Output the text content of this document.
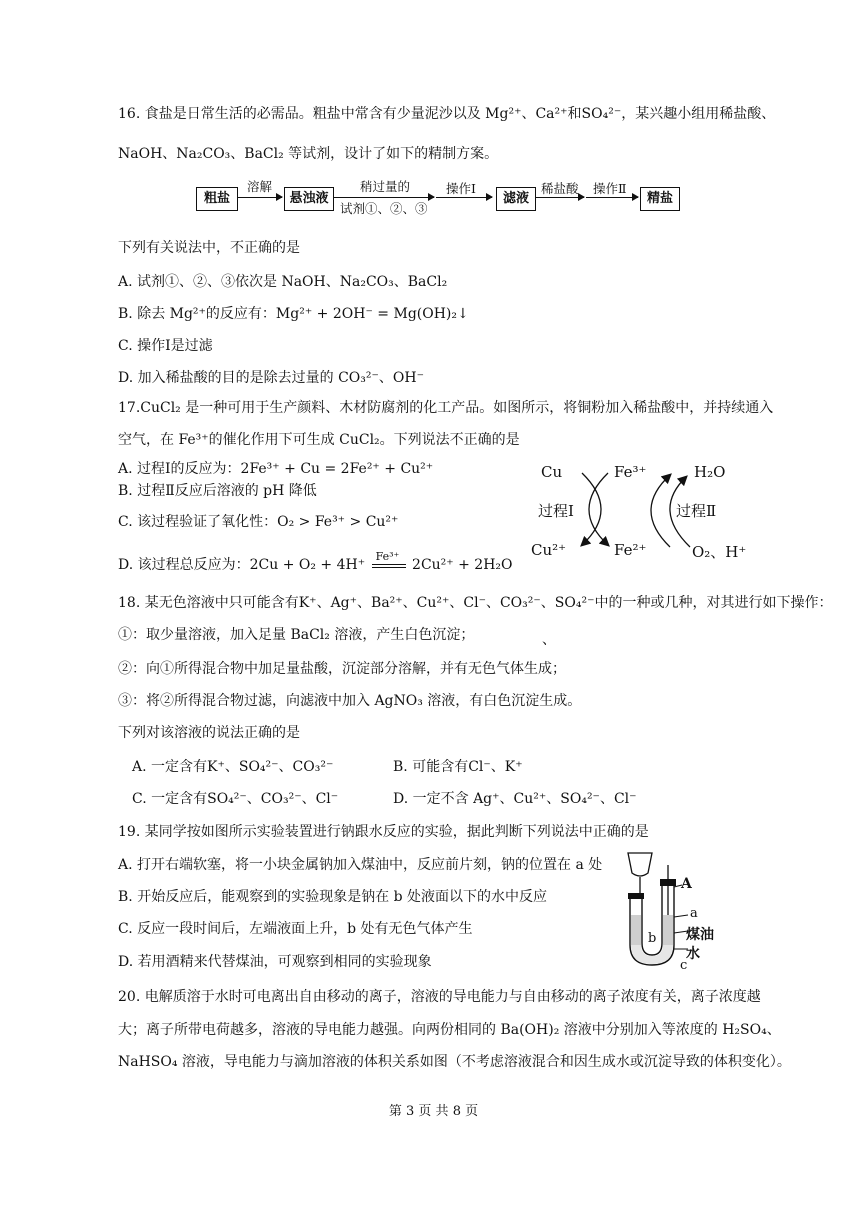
16. 食盐是日常生活的必需品。粗盐中常含有少量泥沙以及 Mg²⁺、Ca²⁺和SO₄²⁻，某兴趣小组用稀盐酸、
NaOH、Na₂CO₃、BaCl₂ 等试剂，设计了如下的精制方案。
粗盐
溶解
悬浊液
稍过量的
试剂①、②、③
操作Ⅰ
滤液
稀盐酸 操作Ⅱ
精盐
下列有关说法中，不正确的是
A. 试剂①、②、③依次是 NaOH、Na₂CO₃、BaCl₂
B. 除去 Mg²⁺的反应有：Mg²⁺ + 2OH⁻ = Mg(OH)₂↓
C. 操作Ⅰ是过滤
D. 加入稀盐酸的目的是除去过量的 CO₃²⁻、OH⁻
17.CuCl₂ 是一种可用于生产颜料、木材防腐剂的化工产品。如图所示，将铜粉加入稀盐酸中，并持续通入
空气，在 Fe³⁺的催化作用下可生成 CuCl₂。下列说法不正确的是
A. 过程Ⅰ的反应为：2Fe³⁺ + Cu = 2Fe²⁺ + Cu²⁺
B. 过程Ⅱ反应后溶液的 pH 降低
C. 该过程验证了氧化性：O₂ > Fe³⁺ > Cu²⁺
D. 该过程总反应为：2Cu + O₂ + 4H⁺
Fe³⁺
2Cu²⁺ + 2H₂O
Cu	Fe³⁺	H₂O
过程Ⅰ	过程Ⅱ
Cu²⁺	Fe²⁺	O₂、H⁺
18. 某无色溶液中只可能含有K⁺、Ag⁺、Ba²⁺、Cu²⁺、Cl⁻、CO₃²⁻、SO₄²⁻中的一种或几种，对其进行如下操作：
①：取少量溶液，加入足量 BaCl₂ 溶液，产生白色沉淀；	、
②：向①所得混合物中加足量盐酸，沉淀部分溶解，并有无色气体生成；
③：将②所得混合物过滤，向滤液中加入 AgNO₃ 溶液，有白色沉淀生成。
下列对该溶液的说法正确的是
A. 一定含有K⁺、SO₄²⁻、CO₃²⁻	B. 可能含有Cl⁻、K⁺
C. 一定含有SO₄²⁻、CO₃²⁻、Cl⁻	D. 一定不含 Ag⁺、Cu²⁺、SO₄²⁻、Cl⁻
19. 某同学按如图所示实验装置进行钠跟水反应的实验，据此判断下列说法中正确的是
A. 打开右端软塞，将一小块金属钠加入煤油中，反应前片刻，钠的位置在 a 处
B. 开始反应后，能观察到的实验现象是钠在 b 处液面以下的水中反应
C. 反应一段时间后，左端液面上升，b 处有无色气体产生
D. 若用酒精来代替煤油，可观察到相同的实验现象
A
a
b 煤油
水
c
20. 电解质溶于水时可电离出自由移动的离子，溶液的导电能力与自由移动的离子浓度有关，离子浓度越
大；离子所带电荷越多，溶液的导电能力越强。向两份相同的 Ba(OH)₂ 溶液中分别加入等浓度的 H₂SO₄、
NaHSO₄ 溶液，导电能力与滴加溶液的体积关系如图（不考虑溶液混合和因生成水或沉淀导致的体积变化）。
第 3 页 共 8 页
